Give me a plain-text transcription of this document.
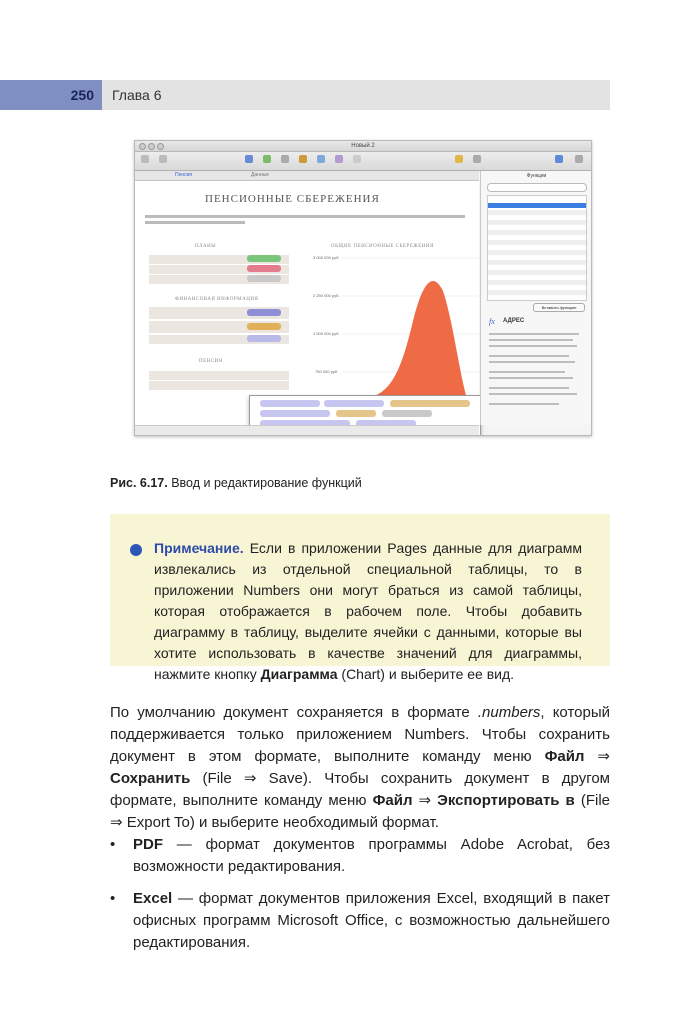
250 Глава 6
Новый 2
Пенсия	Данные
ПЕНСИОННЫЕ СБЕРЕЖЕНИЯ
ПЛАНЫ
ФИНАНСОВАЯ ИНФОРМАЦИЯ
ПЕНСИЯ
ОБЩИЕ ПЕНСИОННЫЕ СБЕРЕЖЕНИЯ
3 000 000 руб.
2 250 000 руб.
1 500 000 руб.
750 000 руб.
Функции
Вставить функцию
fx АДРЕС
Рис. 6.17. Ввод и редактирование функций
Примечание. Если в приложении Pages данные для диаграмм извлекались из отдельной специальной таблицы, то в приложении Numbers они могут браться из самой таблицы, которая отображается в рабочем поле. Чтобы добавить диаграмму в таблицу, выделите ячейки с данными, которые вы хотите использовать в качестве значений для диаграммы, нажмите кнопку Диаграмма (Chart) и выберите ее вид.
По умолчанию документ сохраняется в формате .numbers, который поддерживается только приложением Numbers. Чтобы сохранить документ в этом формате, выполните команду меню Файл ⇒ Сохранить (File ⇒ Save). Чтобы сохранить документ в другом формате, выполните команду меню Файл ⇒ Экспортировать в (File ⇒ Export To) и выберите необходимый формат.
• PDF — формат документов программы Adobe Acrobat, без возможности редактирования.
• Excel — формат документов приложения Excel, входящий в пакет офисных программ Microsoft Office, с возможностью дальнейшего редактирования.
